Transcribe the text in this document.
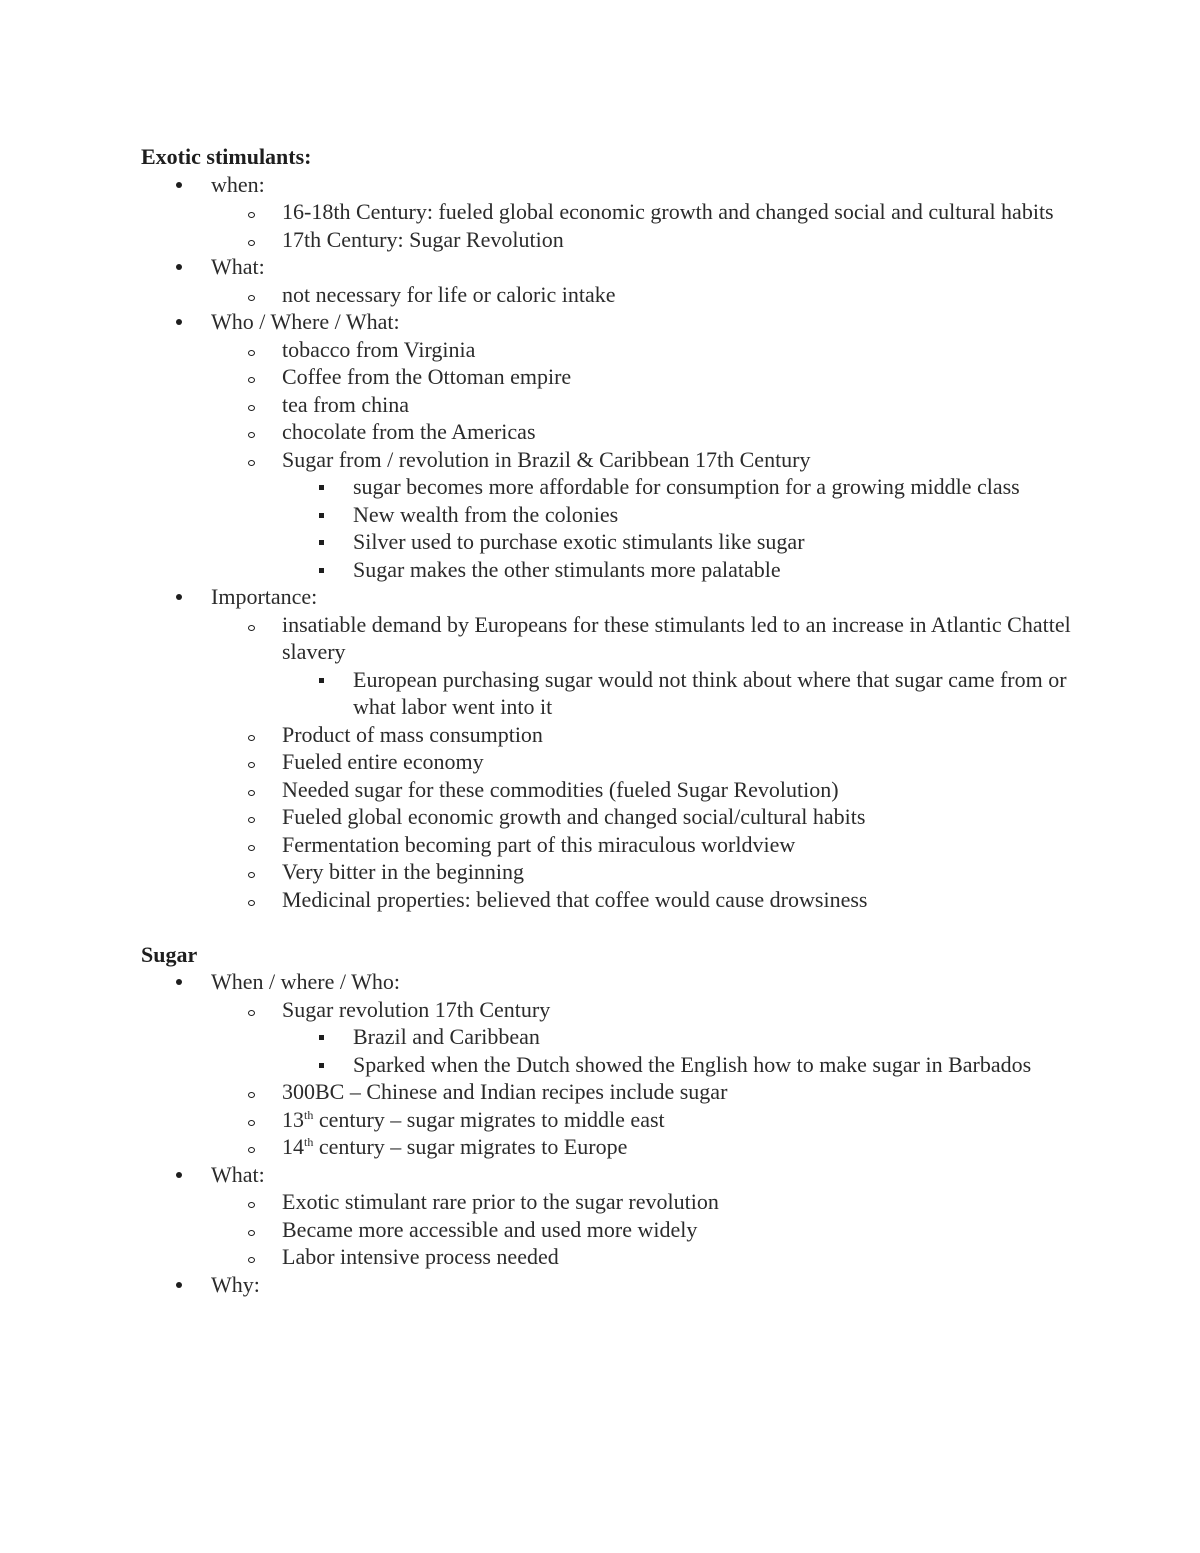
Exotic stimulants:
when:
16-18th Century: fueled global economic growth and changed social and cultural habits
17th Century: Sugar Revolution
What:
not necessary for life or caloric intake
Who / Where / What:
tobacco from Virginia
Coffee from the Ottoman empire
tea from china
chocolate from the Americas
Sugar from / revolution in Brazil & Caribbean 17th Century
sugar becomes more affordable for consumption for a growing middle class
New wealth from the colonies
Silver used to purchase exotic stimulants like sugar
Sugar makes the other stimulants more palatable
Importance:
insatiable demand by Europeans for these stimulants led to an increase in Atlantic Chattel slavery
European purchasing sugar would not think about where that sugar came from or what labor went into it
Product of mass consumption
Fueled entire economy
Needed sugar for these commodities (fueled Sugar Revolution)
Fueled global economic growth and changed social/cultural habits
Fermentation becoming part of this miraculous worldview
Very bitter in the beginning
Medicinal properties: believed that coffee would cause drowsiness
Sugar
When / where / Who:
Sugar revolution 17th Century
Brazil and Caribbean
Sparked when the Dutch showed the English how to make sugar in Barbados
300BC – Chinese and Indian recipes include sugar
13th century – sugar migrates to middle east
14th century – sugar migrates to Europe
What:
Exotic stimulant rare prior to the sugar revolution
Became more accessible and used more widely
Labor intensive process needed
Why:
